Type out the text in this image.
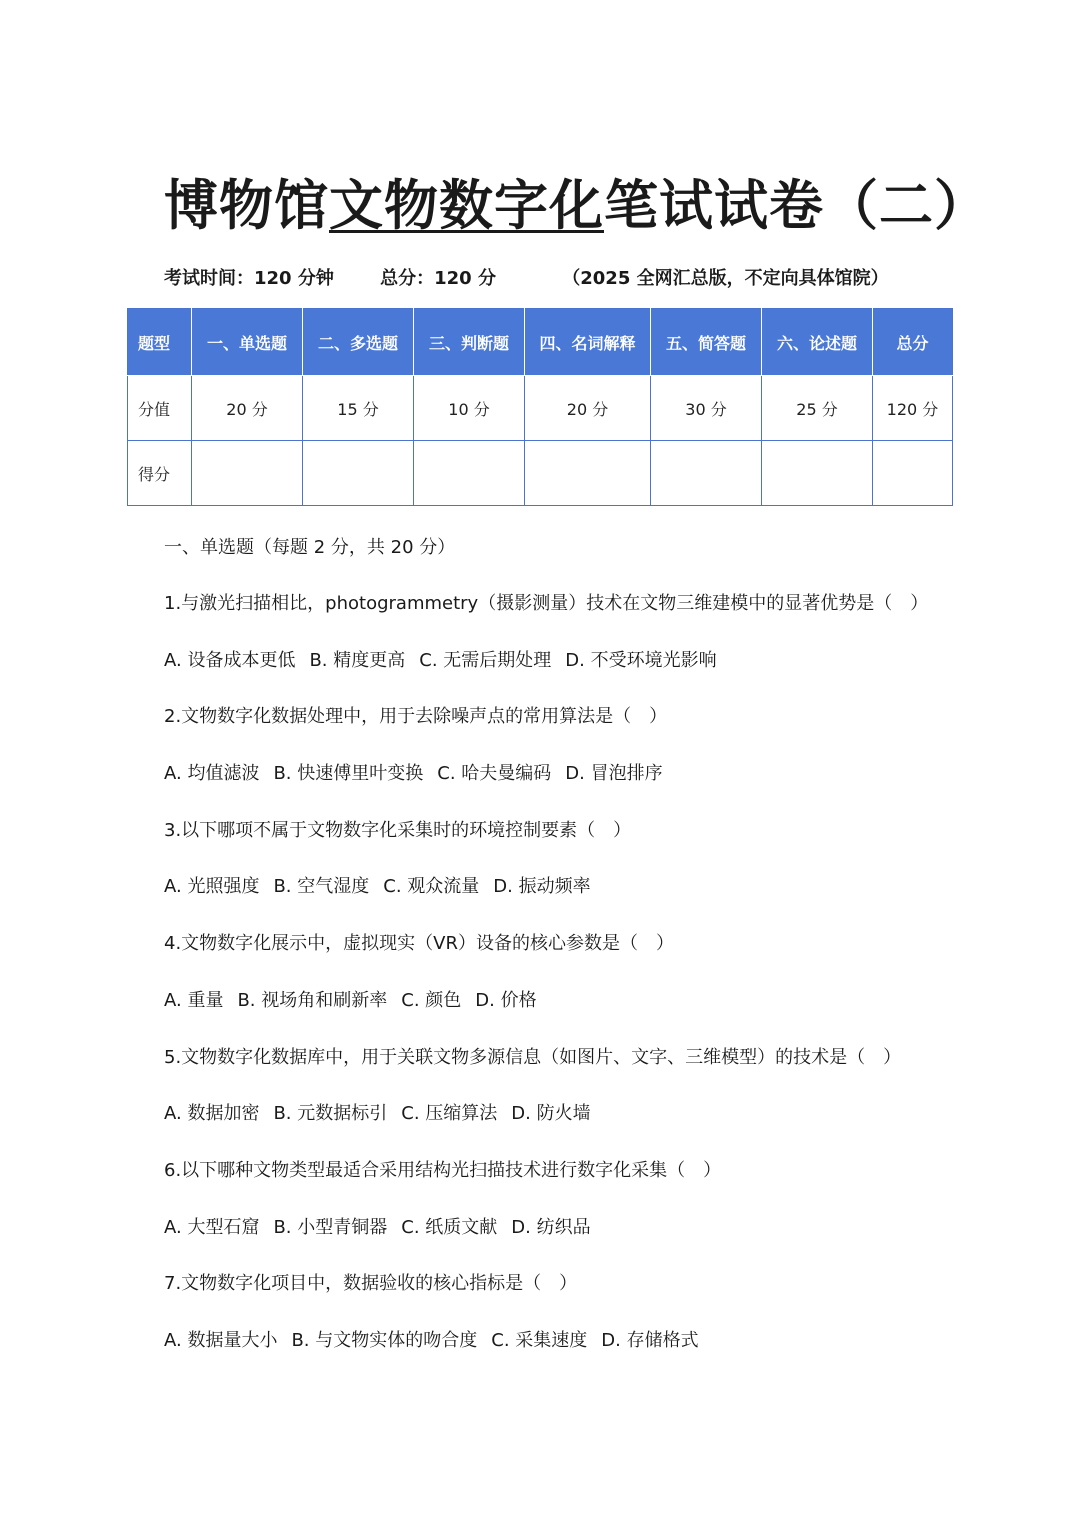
博物馆文物数字化笔试试卷（二）
考试时间：120 分钟	总分：120 分	（2025 全网汇总版，不定向具体馆院）
题型	一、单选题	二、多选题	三、判断题	四、名词解释	五、简答题	六、论述题	总分
分值	20 分	15 分	10 分	20 分	30 分	25 分	120 分
得分							
一、单选题（每题 2 分，共 20 分）
1.与激光扫描相比，photogrammetry（摄影测量）技术在文物三维建模中的显著优势是（　）
A. 设备成本更低 B. 精度更高 C. 无需后期处理 D. 不受环境光影响
2.文物数字化数据处理中，用于去除噪声点的常用算法是（　）
A. 均值滤波 B. 快速傅里叶变换 C. 哈夫曼编码 D. 冒泡排序
3.以下哪项不属于文物数字化采集时的环境控制要素（　）
A. 光照强度 B. 空气湿度 C. 观众流量 D. 振动频率
4.文物数字化展示中，虚拟现实（VR）设备的核心参数是（　）
A. 重量 B. 视场角和刷新率 C. 颜色 D. 价格
5.文物数字化数据库中，用于关联文物多源信息（如图片、文字、三维模型）的技术是（　）
A. 数据加密 B. 元数据标引 C. 压缩算法 D. 防火墙
6.以下哪种文物类型最适合采用结构光扫描技术进行数字化采集（　）
A. 大型石窟 B. 小型青铜器 C. 纸质文献 D. 纺织品
7.文物数字化项目中，数据验收的核心指标是（　）
A. 数据量大小 B. 与文物实体的吻合度 C. 采集速度 D. 存储格式
